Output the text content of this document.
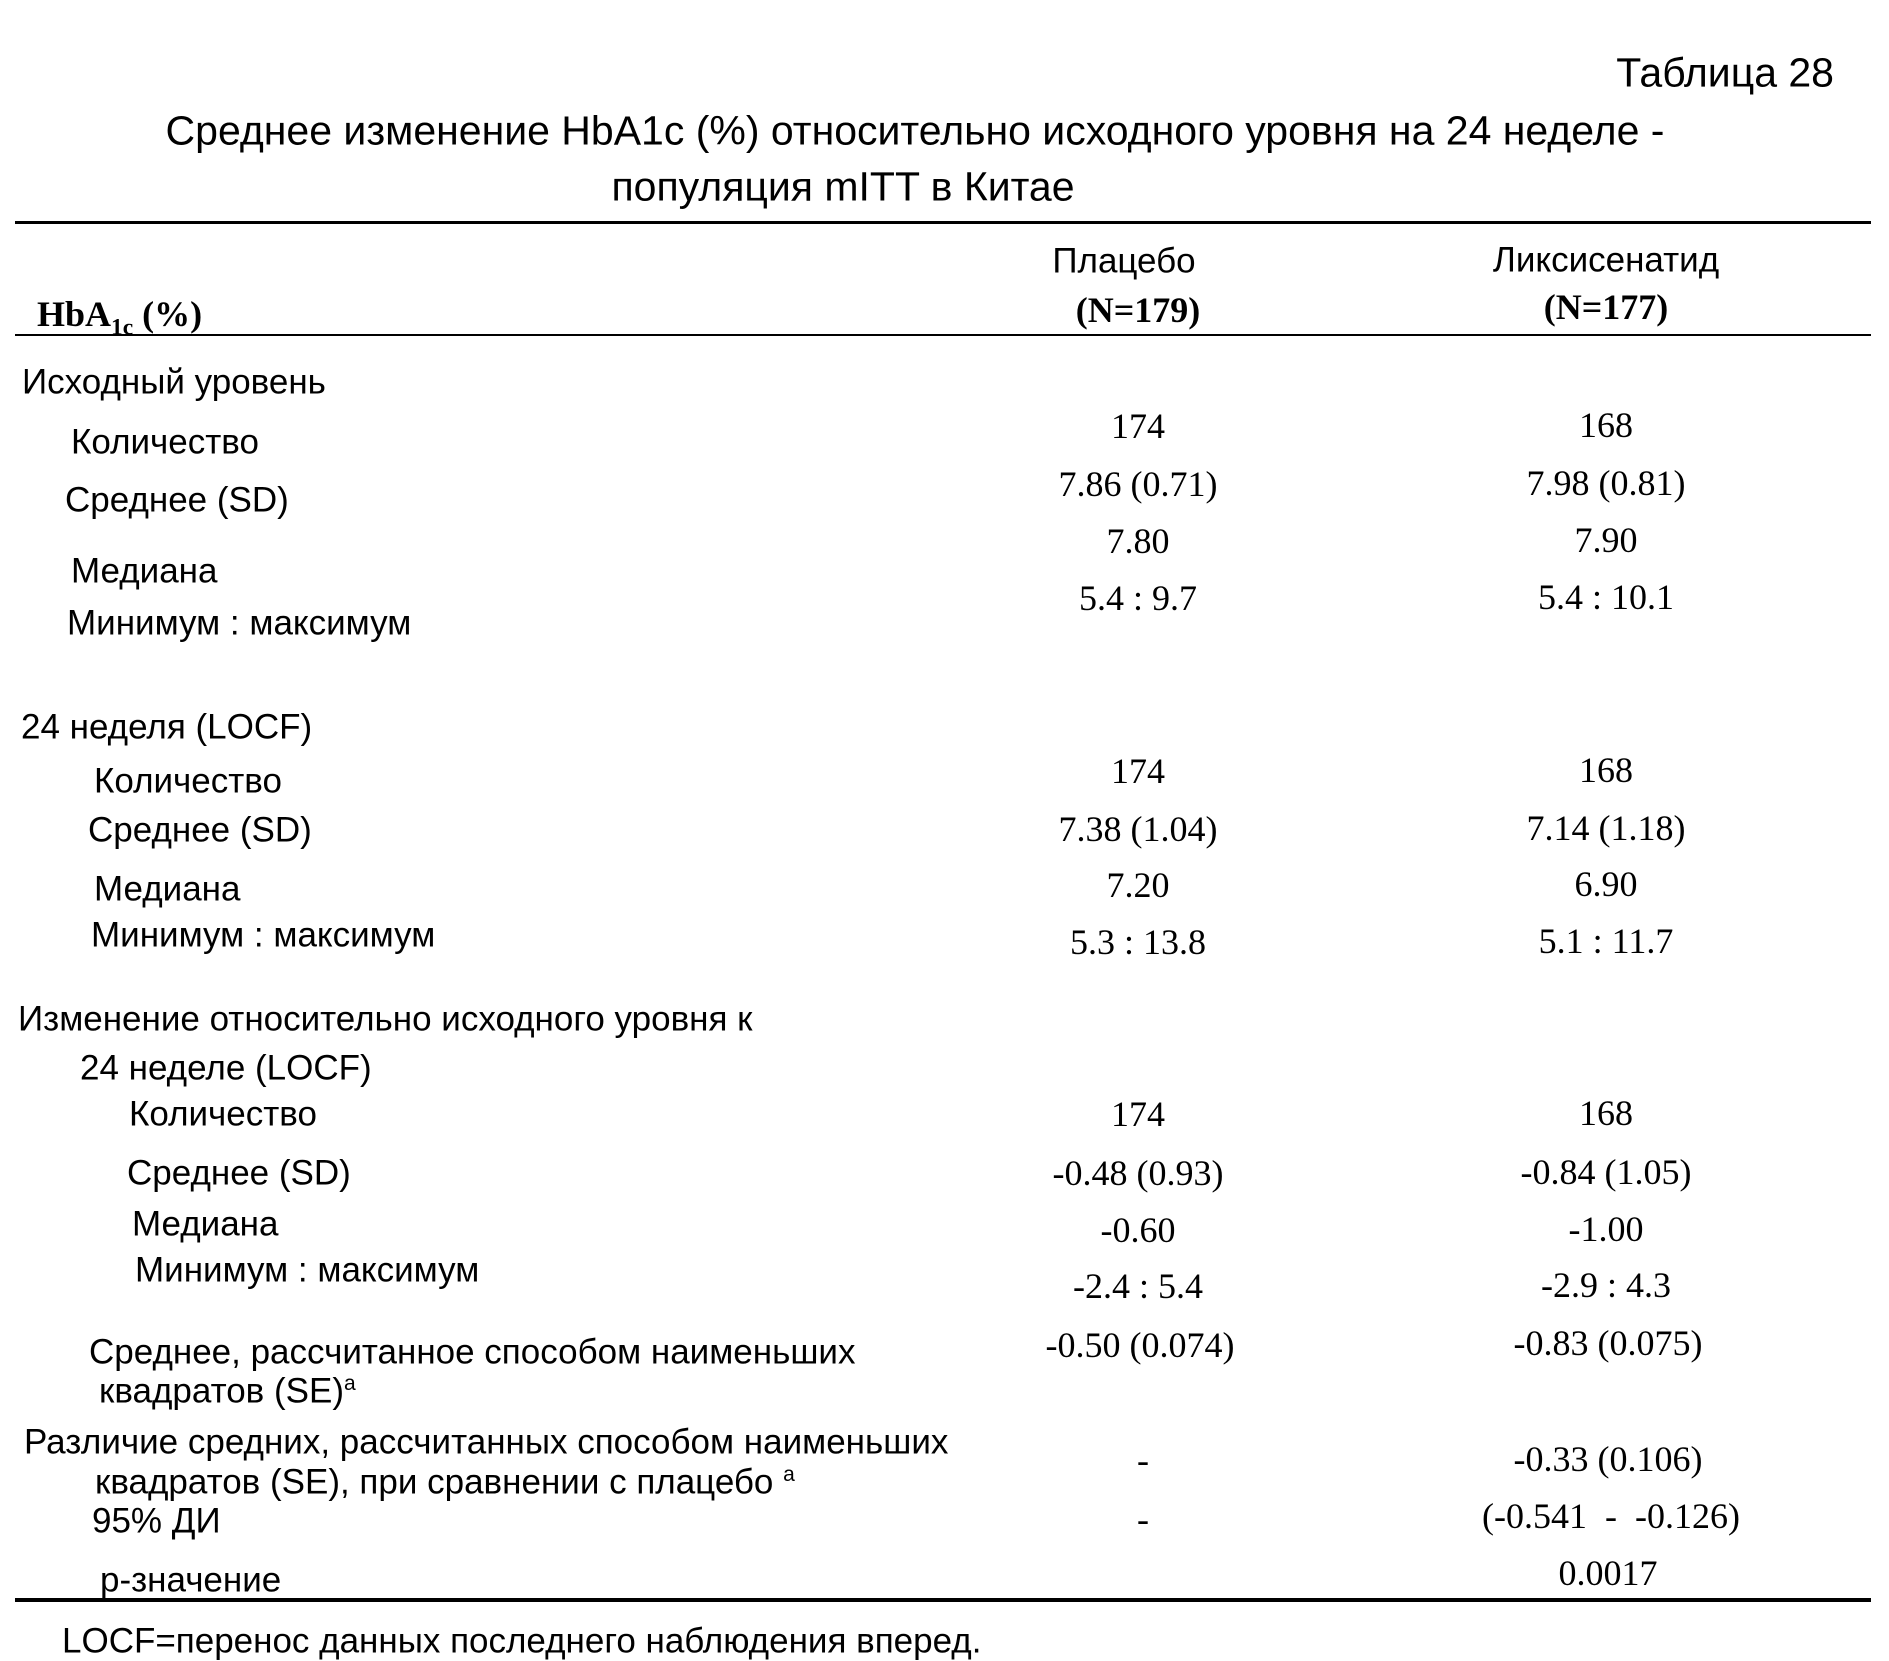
Таблица 28
Среднее изменение HbA1c (%) относительно исходного уровня на 24 неделе -
популяция mITT в Китае
HbA1c (%)
Плацебо
(N=179)
Ликсисенатид
(N=177)
Исходный уровень
Количество	174	168
Среднее (SD)	7.86 (0.71)	7.98 (0.81)
Медиана
7.80	7.90
Минимум : максимум
5.4 : 9.7	5.4 : 10.1
24 неделя (LOCF)
Количество	174	168
Среднее (SD)	7.38 (1.04)	7.14 (1.18)
Медиана	7.20	6.90
Минимум : максимум	5.3 : 13.8	5.1 : 11.7
Изменение относительно исходного уровня к
24 неделе (LOCF)
Количество	174	168
Среднее (SD)	-0.48 (0.93)	-0.84 (1.05)
Медиана	-0.60	-1.00
Минимум : максимум	-2.4 : 5.4	-2.9 : 4.3
Среднее, рассчитанное способом наименьших
квадратов (SE)a
-0.50 (0.074)	-0.83 (0.075)
Различие средних, рассчитанных способом наименьших
квадратов (SE), при сравнении с плацебо a	-	-0.33 (0.106)
95% ДИ	-	(-0.541  -  -0.126)
р-значение	0.0017
LOCF=перенос данных последнего наблюдения вперед.
